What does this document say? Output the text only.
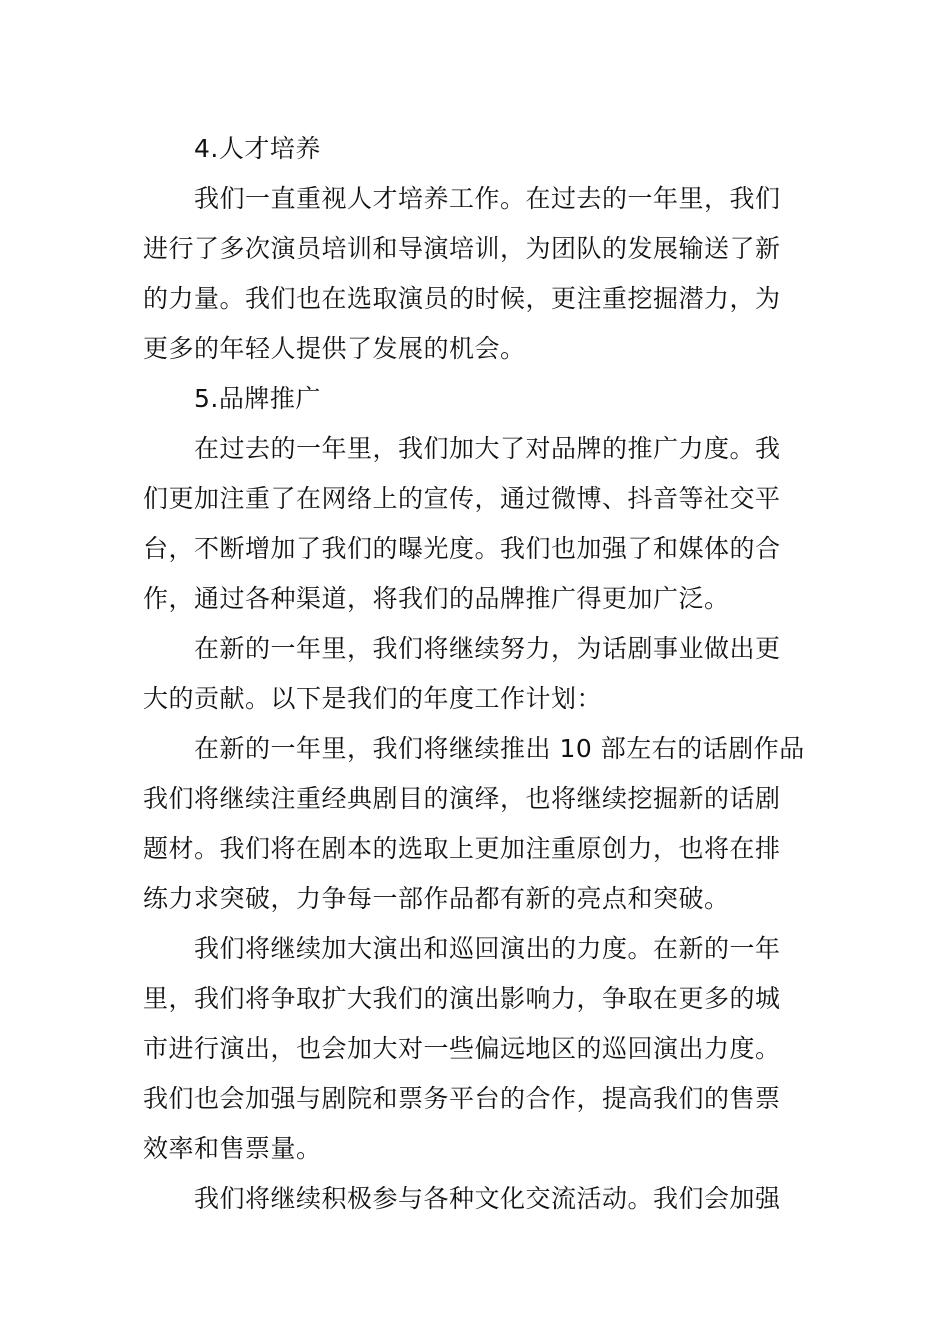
4.人才培养
我们一直重视人才培养工作。在过去的一年里，我们
进行了多次演员培训和导演培训，为团队的发展输送了新
的力量。我们也在选取演员的时候，更注重挖掘潜力，为
更多的年轻人提供了发展的机会。
5.品牌推广
在过去的一年里，我们加大了对品牌的推广力度。我
们更加注重了在网络上的宣传，通过微博、抖音等社交平
台，不断增加了我们的曝光度。我们也加强了和媒体的合
作，通过各种渠道，将我们的品牌推广得更加广泛。
在新的一年里，我们将继续努力，为话剧事业做出更
大的贡献。以下是我们的年度工作计划：
在新的一年里，我们将继续推出 10 部左右的话剧作品
我们将继续注重经典剧目的演绎，也将继续挖掘新的话剧
题材。我们将在剧本的选取上更加注重原创力，也将在排
练力求突破，力争每一部作品都有新的亮点和突破。
我们将继续加大演出和巡回演出的力度。在新的一年
里，我们将争取扩大我们的演出影响力，争取在更多的城
市进行演出，也会加大对一些偏远地区的巡回演出力度。
我们也会加强与剧院和票务平台的合作，提高我们的售票
效率和售票量。
我们将继续积极参与各种文化交流活动。我们会加强
